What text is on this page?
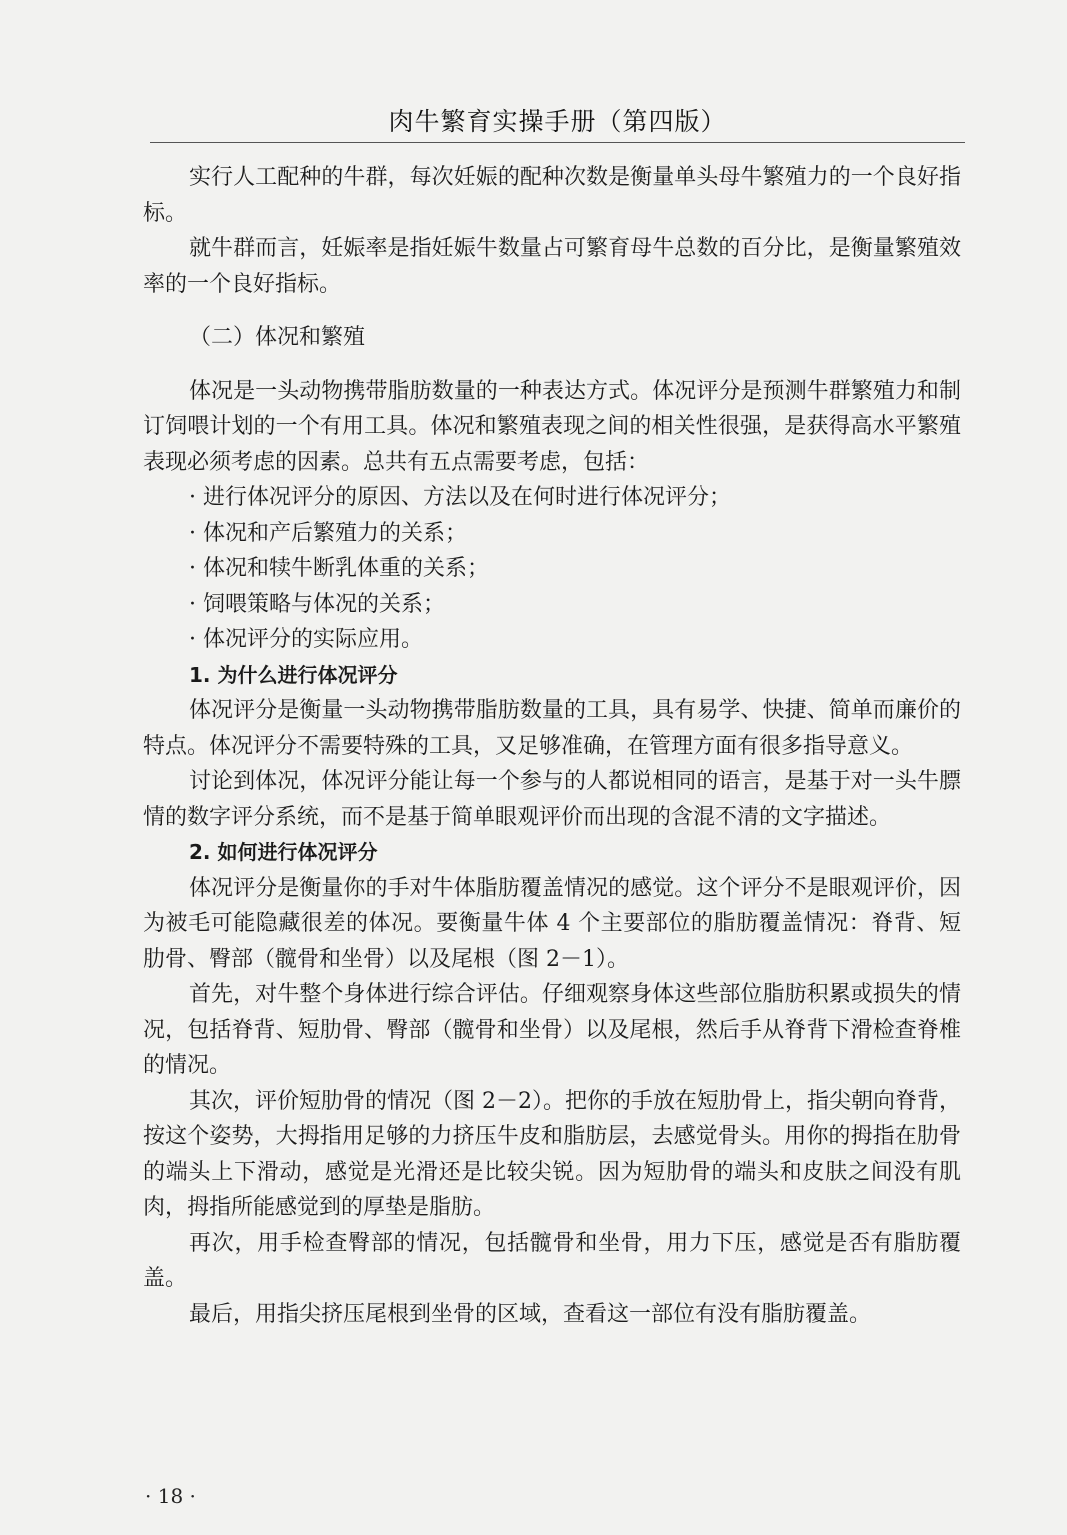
肉牛繁育实操手册（第四版）

实行人工配种的牛群，每次妊娠的配种次数是衡量单头母牛繁殖力的一个良好指标。

就牛群而言，妊娠率是指妊娠牛数量占可繁育母牛总数的百分比，是衡量繁殖效率的一个良好指标。

（二）体况和繁殖

体况是一头动物携带脂肪数量的一种表达方式。体况评分是预测牛群繁殖力和制订饲喂计划的一个有用工具。体况和繁殖表现之间的相关性很强，是获得高水平繁殖表现必须考虑的因素。总共有五点需要考虑，包括：

· 进行体况评分的原因、方法以及在何时进行体况评分；

· 体况和产后繁殖力的关系；

· 体况和犊牛断乳体重的关系；

· 饲喂策略与体况的关系；

· 体况评分的实际应用。

1. 为什么进行体况评分

体况评分是衡量一头动物携带脂肪数量的工具，具有易学、快捷、简单而廉价的特点。体况评分不需要特殊的工具，又足够准确，在管理方面有很多指导意义。

讨论到体况，体况评分能让每一个参与的人都说相同的语言，是基于对一头牛膘情的数字评分系统，而不是基于简单眼观评价而出现的含混不清的文字描述。

2. 如何进行体况评分

体况评分是衡量你的手对牛体脂肪覆盖情况的感觉。这个评分不是眼观评价，因为被毛可能隐藏很差的体况。要衡量牛体 4 个主要部位的脂肪覆盖情况：脊背、短肋骨、臀部（髋骨和坐骨）以及尾根（图 2－1）。

首先，对牛整个身体进行综合评估。仔细观察身体这些部位脂肪积累或损失的情况，包括脊背、短肋骨、臀部（髋骨和坐骨）以及尾根，然后手从脊背下滑检查脊椎的情况。

其次，评价短肋骨的情况（图 2－2）。把你的手放在短肋骨上，指尖朝向脊背，按这个姿势，大拇指用足够的力挤压牛皮和脂肪层，去感觉骨头。用你的拇指在肋骨的端头上下滑动，感觉是光滑还是比较尖锐。因为短肋骨的端头和皮肤之间没有肌肉，拇指所能感觉到的厚垫是脂肪。

再次，用手检查臀部的情况，包括髋骨和坐骨，用力下压，感觉是否有脂肪覆盖。

最后，用指尖挤压尾根到坐骨的区域，查看这一部位有没有脂肪覆盖。

· 18 ·
